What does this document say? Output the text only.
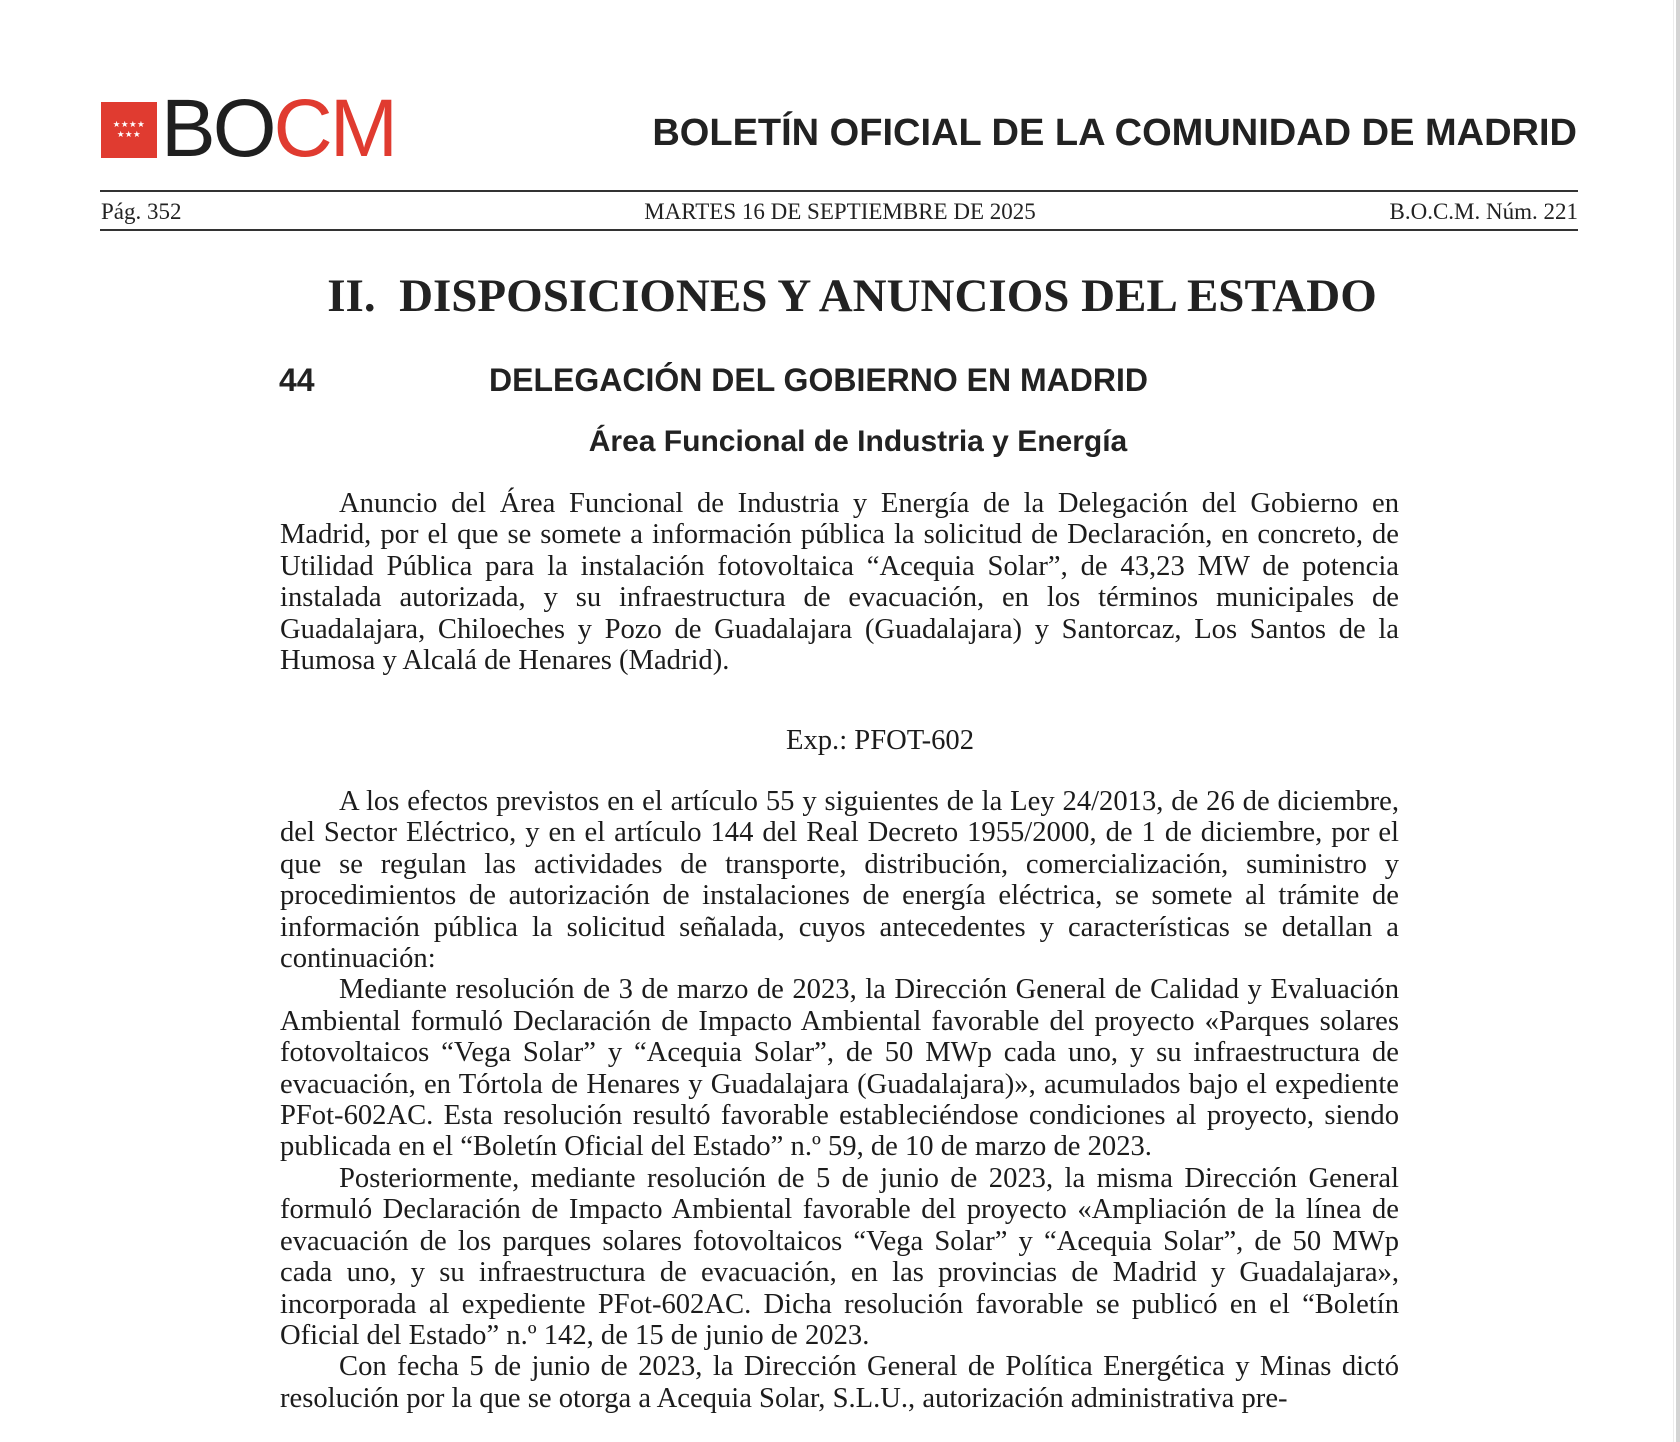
★★★★
★★★ BOCM	BOLETÍN OFICIAL DE LA COMUNIDAD DE MADRID
Pág. 352	MARTES 16 DE SEPTIEMBRE DE 2025	B.O.C.M. Núm. 221
II.  DISPOSICIONES Y ANUNCIOS DEL ESTADO
44	DELEGACIÓN DEL GOBIERNO EN MADRID
Área Funcional de Industria y Energía

Anuncio del Área Funcional de Industria y Energía de la Delegación del Gobierno en Madrid, por el que se somete a información pública la solicitud de Declaración, en concreto, de Utilidad Pública para la instalación fotovoltaica “Acequia Solar”, de 43,23 MW de potencia instalada autorizada, y su infraestructura de evacuación, en los términos municipales de Guadalajara, Chiloeches y Pozo de Guadalajara (Guadalajara) y Santorcaz, Los Santos de la Humosa y Alcalá de Henares (Madrid).

Exp.: PFOT-602

A los efectos previstos en el artículo 55 y siguientes de la Ley 24/2013, de 26 de diciembre, del Sector Eléctrico, y en el artículo 144 del Real Decreto 1955/2000, de 1 de diciembre, por el que se regulan las actividades de transporte, distribución, comercialización, suministro y procedimientos de autorización de instalaciones de energía eléctrica, se somete al trámite de información pública la solicitud señalada, cuyos antecedentes y características se detallan a continuación:

Mediante resolución de 3 de marzo de 2023, la Dirección General de Calidad y Evaluación Ambiental formuló Declaración de Impacto Ambiental favorable del proyecto «Parques solares fotovoltaicos “Vega Solar” y “Acequia Solar”, de 50 MWp cada uno, y su infraestructura de evacuación, en Tórtola de Henares y Guadalajara (Guadalajara)», acumulados bajo el expediente PFot-602AC. Esta resolución resultó favorable estableciéndose condiciones al proyecto, siendo publicada en el “Boletín Oficial del Estado” n.º 59, de 10 de marzo de 2023.

Posteriormente, mediante resolución de 5 de junio de 2023, la misma Dirección General formuló Declaración de Impacto Ambiental favorable del proyecto «Ampliación de la línea de evacuación de los parques solares fotovoltaicos “Vega Solar” y “Acequia Solar”, de 50 MWp cada uno, y su infraestructura de evacuación, en las provincias de Madrid y Guadalajara», incorporada al expediente PFot-602AC. Dicha resolución favorable se publicó en el “Boletín Oficial del Estado” n.º 142, de 15 de junio de 2023.

Con fecha 5 de junio de 2023, la Dirección General de Política Energética y Minas dictó resolución por la que se otorga a Acequia Solar, S.L.U., autorización administrativa pre-
